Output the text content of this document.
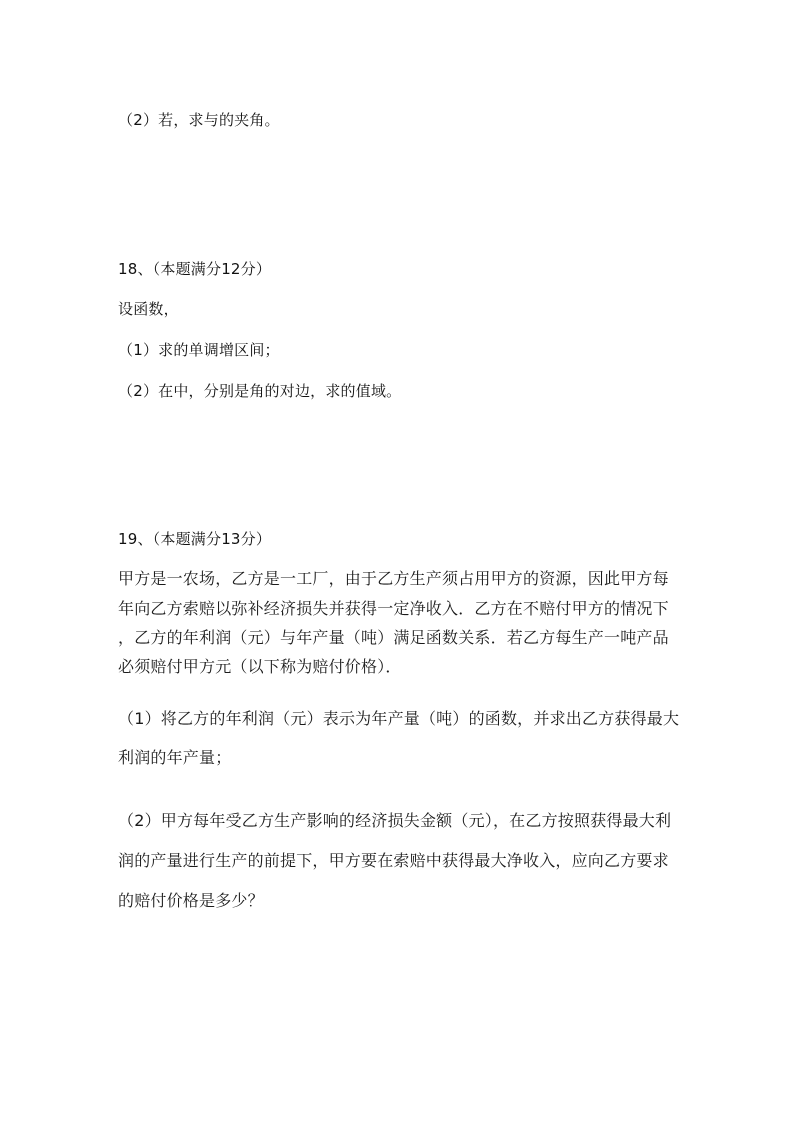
（2）若，求与的夹角。
18、（本题满分12分）
设函数，
（1）求的单调增区间；
（2）在中，分别是角的对边，求的值域。
19、（本题满分13分）
甲方是一农场，乙方是一工厂，由于乙方生产须占用甲方的资源，因此甲方每
年向乙方索赔以弥补经济损失并获得一定净收入．乙方在不赔付甲方的情况下
，乙方的年利润（元）与年产量（吨）满足函数关系．若乙方每生产一吨产品
必须赔付甲方元（以下称为赔付价格）．
（1）将乙方的年利润（元）表示为年产量（吨）的函数，并求出乙方获得最大
利润的年产量；
（2）甲方每年受乙方生产影响的经济损失金额（元），在乙方按照获得最大利
润的产量进行生产的前提下，甲方要在索赔中获得最大净收入，应向乙方要求
的赔付价格是多少？
